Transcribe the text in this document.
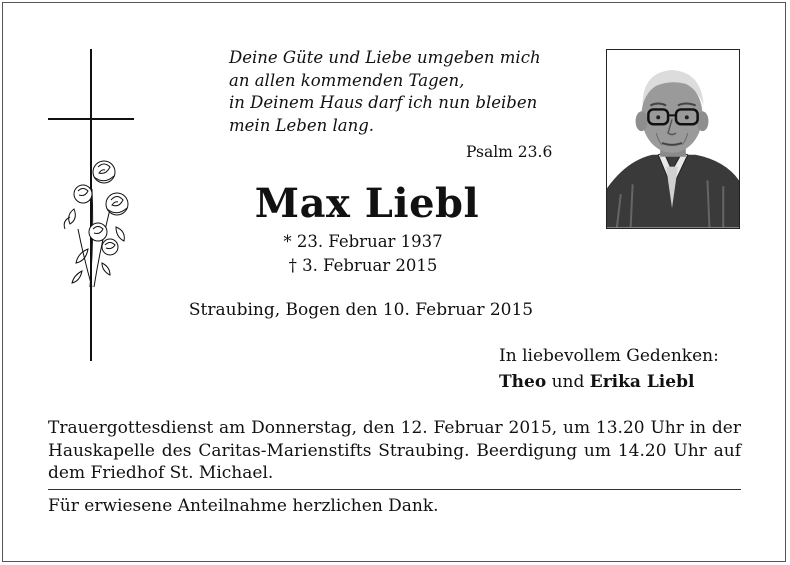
Deine Güte und Liebe umgeben mich
an allen kommenden Tagen,
in Deinem Haus darf ich nun bleiben
mein Leben lang.
Psalm 23.6
Max Liebl
* 23. Februar 1937
† 3. Februar 2015
Straubing, Bogen den 10. Februar 2015
In liebevollem Gedenken:
Theo und Erika Liebl
Trauergottesdienst am Donnerstag, den 12. Februar 2015, um 13.20 Uhr in der Hauskapelle des Caritas-Marienstifts Straubing. Beerdigung um 14.20 Uhr auf dem Friedhof St. Michael.
Für erwiesene Anteilnahme herzlichen Dank.
